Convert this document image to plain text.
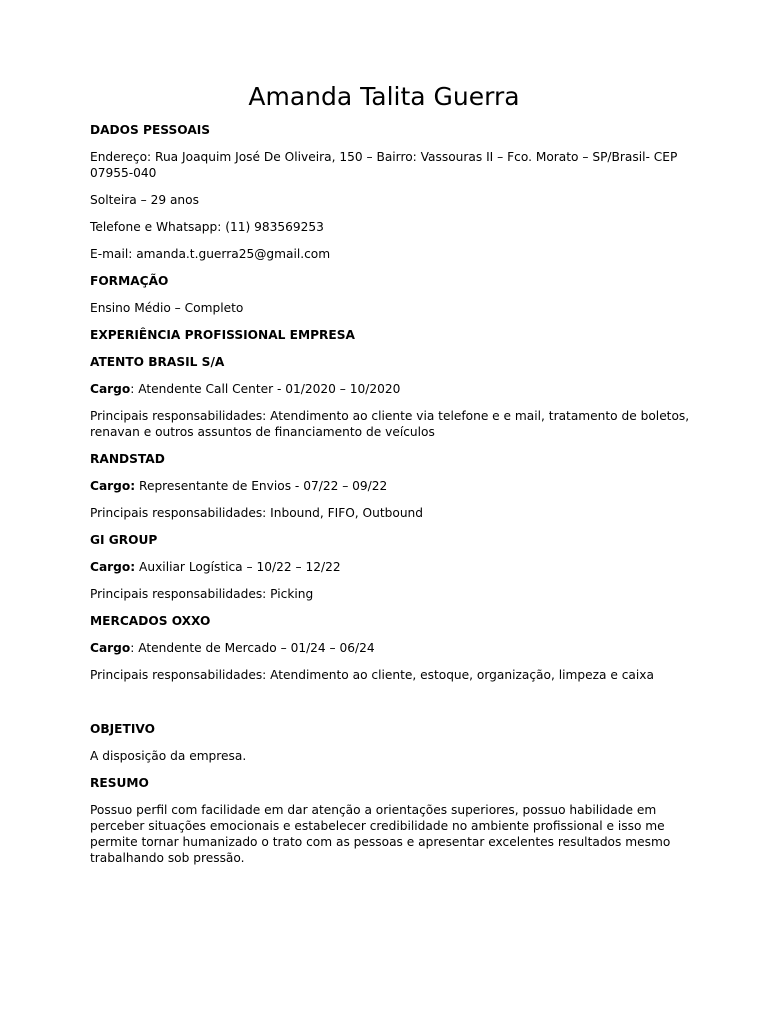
Amanda Talita Guerra
DADOS PESSOAIS
Endereço: Rua Joaquim José De Oliveira, 150 – Bairro: Vassouras II – Fco. Morato – SP/Brasil- CEP 07955-040
Solteira – 29 anos
Telefone e Whatsapp: (11) 983569253
E-mail: amanda.t.guerra25@gmail.com
FORMAÇÃO
Ensino Médio – Completo
EXPERIÊNCIA PROFISSIONAL EMPRESA
ATENTO BRASIL S/A
Cargo: Atendente Call Center - 01/2020 – 10/2020
Principais responsabilidades: Atendimento ao cliente via telefone e e mail, tratamento de boletos, renavan e outros assuntos de financiamento de veículos
RANDSTAD
Cargo: Representante de Envios - 07/22 – 09/22
Principais responsabilidades: Inbound, FIFO, Outbound
GI GROUP
Cargo: Auxiliar Logística – 10/22 – 12/22
Principais responsabilidades: Picking
MERCADOS OXXO
Cargo: Atendente de Mercado – 01/24 – 06/24
Principais responsabilidades: Atendimento ao cliente, estoque, organização, limpeza e caixa
OBJETIVO
A disposição da empresa.
RESUMO
Possuo perfil com facilidade em dar atenção a orientações superiores, possuo habilidade em perceber situações emocionais e estabelecer credibilidade no ambiente profissional e isso me permite tornar humanizado o trato com as pessoas e apresentar excelentes resultados mesmo trabalhando sob pressão.
